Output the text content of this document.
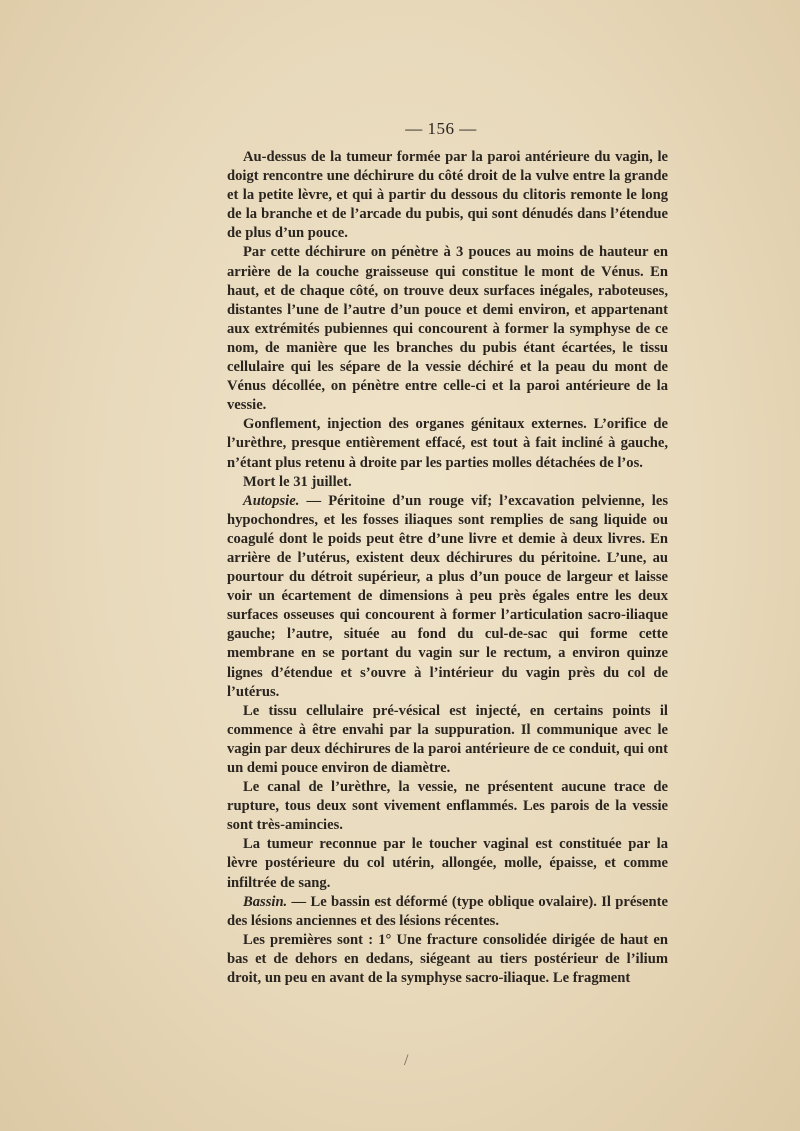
— 156 —

Au-dessus de la tumeur formée par la paroi antérieure du vagin, le doigt rencontre une déchirure du côté droit de la vulve entre la grande et la petite lèvre, et qui à partir du dessous du clitoris remonte le long de la branche et de l’arcade du pubis, qui sont dénudés dans l’étendue de plus d’un pouce.

Par cette déchirure on pénètre à 3 pouces au moins de hauteur en arrière de la couche graisseuse qui constitue le mont de Vénus. En haut, et de chaque côté, on trouve deux surfaces inégales, raboteuses, distantes l’une de l’autre d’un pouce et demi environ, et appartenant aux extrémités pubiennes qui concourent à former la symphyse de ce nom, de manière que les branches du pubis étant écartées, le tissu cellulaire qui les sépare de la vessie déchiré et la peau du mont de Vénus décollée, on pénètre entre celle-ci et la paroi antérieure de la vessie.

Gonflement, injection des organes génitaux externes. L’orifice de l’urèthre, presque entièrement effacé, est tout à fait incliné à gauche, n’étant plus retenu à droite par les parties molles détachées de l’os.

Mort le 31 juillet.

Autopsie. — Péritoine d’un rouge vif; l’excavation pelvienne, les hypochondres, et les fosses iliaques sont remplies de sang liquide ou coagulé dont le poids peut être d’une livre et demie à deux livres. En arrière de l’utérus, existent deux déchirures du péritoine. L’une, au pourtour du détroit supérieur, a plus d’un pouce de largeur et laisse voir un écartement de dimensions à peu près égales entre les deux surfaces osseuses qui concourent à former l’articulation sacro-iliaque gauche; l’autre, située au fond du cul-de-sac qui forme cette membrane en se portant du vagin sur le rectum, a environ quinze lignes d’étendue et s’ouvre à l’intérieur du vagin près du col de l’utérus.

Le tissu cellulaire pré-vésical est injecté, en certains points il commence à être envahi par la suppuration. Il communique avec le vagin par deux déchirures de la paroi antérieure de ce conduit, qui ont un demi pouce environ de diamètre.

Le canal de l’urèthre, la vessie, ne présentent aucune trace de rupture, tous deux sont vivement enflammés. Les parois de la vessie sont très-amincies.

La tumeur reconnue par le toucher vaginal est constituée par la lèvre postérieure du col utérin, allongée, molle, épaisse, et comme infiltrée de sang.

Bassin. — Le bassin est déformé (type oblique ovalaire). Il présente des lésions anciennes et des lésions récentes.

Les premières sont : 1° Une fracture consolidée dirigée de haut en bas et de dehors en dedans, siégeant au tiers postérieur de l’ilium droit, un peu en avant de la symphyse sacro-iliaque. Le fragment

/
